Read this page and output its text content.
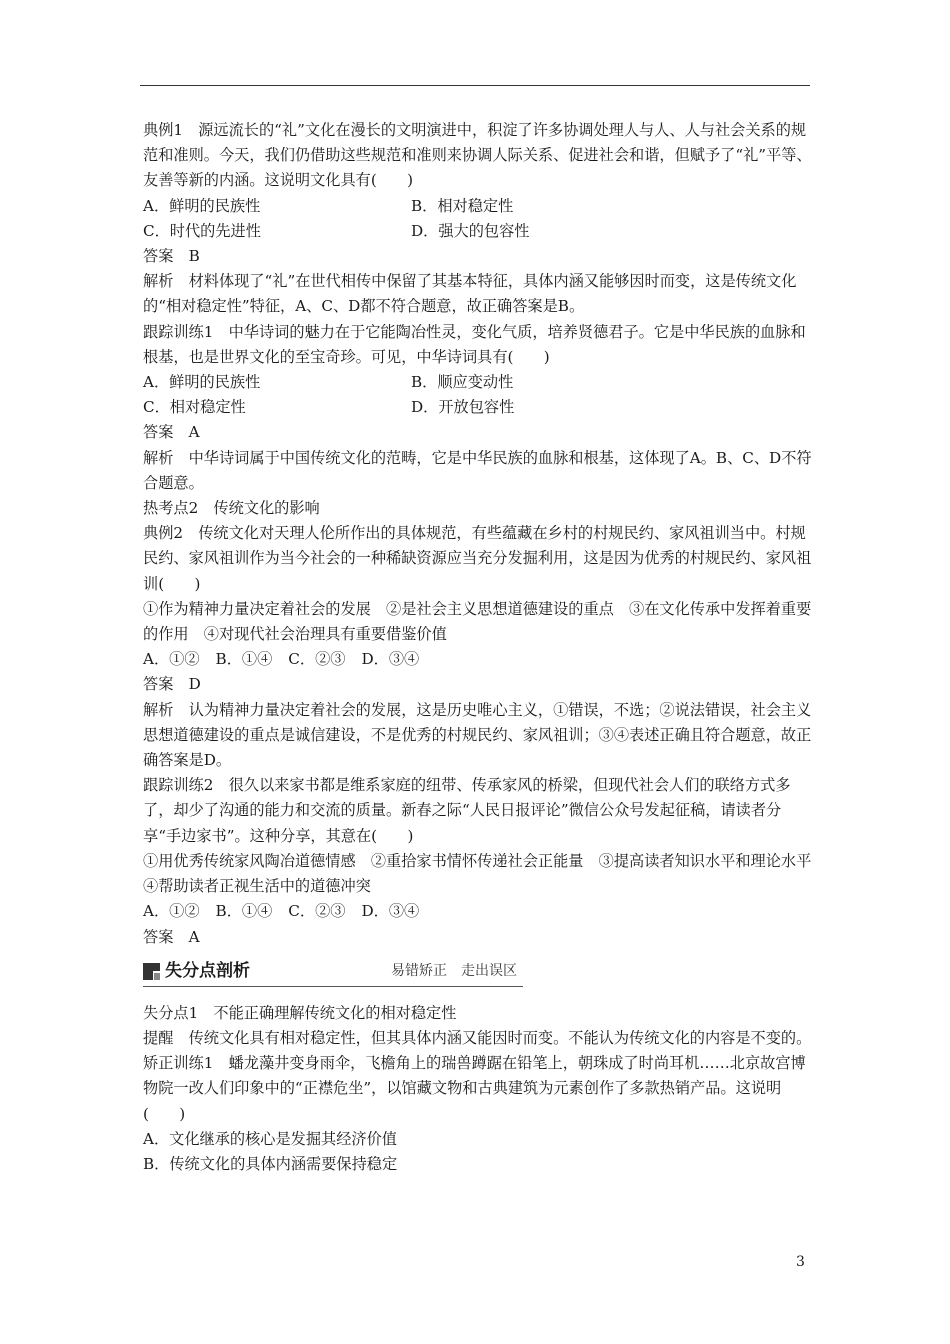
典例1　源远流长的“礼”文化在漫长的文明演进中，积淀了许多协调处理人与人、人与社会关系的规范和准则。今天，我们仍借助这些规范和准则来协调人际关系、促进社会和谐，但赋予了“礼”平等、友善等新的内涵。这说明文化具有(　　)

A．鲜明的民族性	B．相对稳定性
C．时代的先进性	D．强大的包容性

答案　B

解析　材料体现了“礼”在世代相传中保留了其基本特征，具体内涵又能够因时而变，这是传统文化的“相对稳定性”特征，A、C、D都不符合题意，故正确答案是B。

跟踪训练1　中华诗词的魅力在于它能陶冶性灵，变化气质，培养贤德君子。它是中华民族的血脉和根基，也是世界文化的至宝奇珍。可见，中华诗词具有(　　)

A．鲜明的民族性	B．顺应变动性
C．相对稳定性	D．开放包容性

答案　A

解析　中华诗词属于中国传统文化的范畴，它是中华民族的血脉和根基，这体现了A。B、C、D不符合题意。

热考点2　传统文化的影响

典例2　传统文化对天理人伦所作出的具体规范，有些蕴藏在乡村的村规民约、家风祖训当中。村规民约、家风祖训作为当今社会的一种稀缺资源应当充分发掘利用，这是因为优秀的村规民约、家风祖训(　　)

①作为精神力量决定着社会的发展　②是社会主义思想道德建设的重点　③在文化传承中发挥着重要的作用　④对现代社会治理具有重要借鉴价值

A．①② B．①④ C．②③ D．③④

答案　D

解析　认为精神力量决定着社会的发展，这是历史唯心主义，①错误，不选；②说法错误，社会主义思想道德建设的重点是诚信建设，不是优秀的村规民约、家风祖训；③④表述正确且符合题意，故正确答案是D。

跟踪训练2　很久以来家书都是维系家庭的纽带、传承家风的桥梁，但现代社会人们的联络方式多了，却少了沟通的能力和交流的质量。新春之际“人民日报评论”微信公众号发起征稿，请读者分享“手边家书”。这种分享，其意在(　　)

①用优秀传统家风陶冶道德情感　②重拾家书情怀传递社会正能量　③提高读者知识水平和理论水平　④帮助读者正视生活中的道德冲突

A．①② B．①④ C．②③ D．③④

答案　A

失分点剖析	易错矫正　走出误区

失分点1　不能正确理解传统文化的相对稳定性

提醒　传统文化具有相对稳定性，但其具体内涵又能因时而变。不能认为传统文化的内容是不变的。

矫正训练1　蟠龙藻井变身雨伞，飞檐角上的瑞兽蹲踞在铅笔上，朝珠成了时尚耳机……北京故宫博物院一改人们印象中的“正襟危坐”，以馆藏文物和古典建筑为元素创作了多款热销产品。这说明(　　)

A．文化继承的核心是发掘其经济价值

B．传统文化的具体内涵需要保持稳定

3
